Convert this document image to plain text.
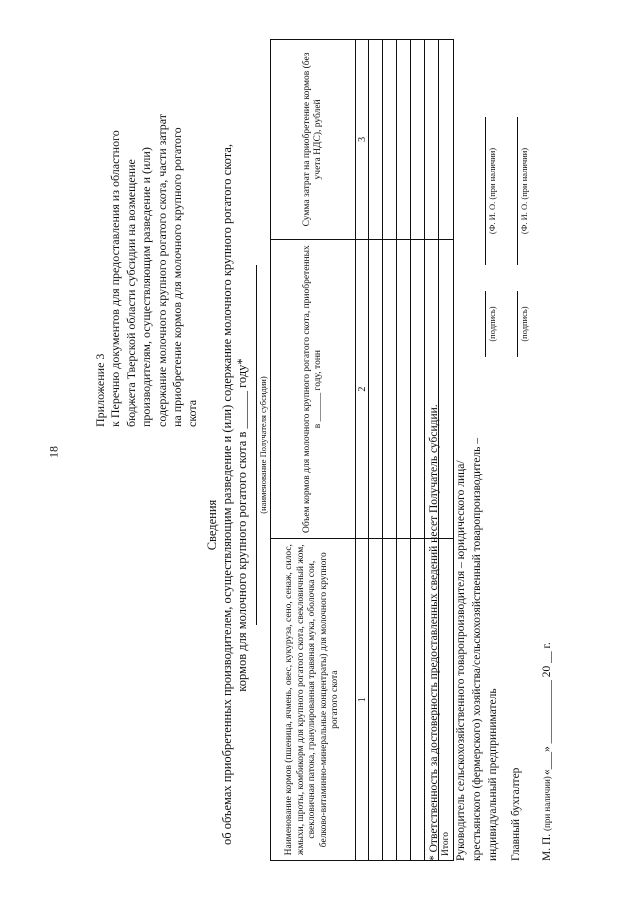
18
Приложение 3 к Перечню документов для предоставления из областного бюджета Тверской области субсидии на возмещение производителям, осуществляющим разведение и (или) содержание молочного крупного рогатого скота, части затрат на приобретение кормов для молочного крупного рогатого скота
Сведения об объемах приобретенных производителем, осуществляющим разведение и (или) содержание молочного крупного рогатого скота, кормов для молочного крупного рогатого скота в ______ году* (наименование Получателя субсидии)
Наименование кормов (пшеница, ячмень, овес, кукуруза, сено, сенаж, силос, жмыхи, шроты, комбикорм для крупного рогатого скота, свекловичный жом, свекловичная патока, гранулированная травяная мука, оболочка сои, белково-витаминно-минеральные концентраты) для молочного крупного рогатого скота	Объем кормов для молочного крупного рогатого скота, приобретенных в ______ году, тонн	Сумма затрат на приобретение кормов (без учета НДС), рублей
1	2	3

Итого		
* Ответственность за достоверность предоставленных сведений несет Получатель субсидии. Руководитель сельскохозяйственного товаропроизводителя – юридического лица/ крестьянского (фермерского) хозяйства/сельскохозяйственный товаропроизводитель – индивидуальный предприниматель
(подпись)
(Ф. И. О. (при наличии)
Главный бухгалтер
(подпись)
(Ф. И. О. (при наличии)
М. П. (при наличии)
«___» ___________ 20 __ г.
